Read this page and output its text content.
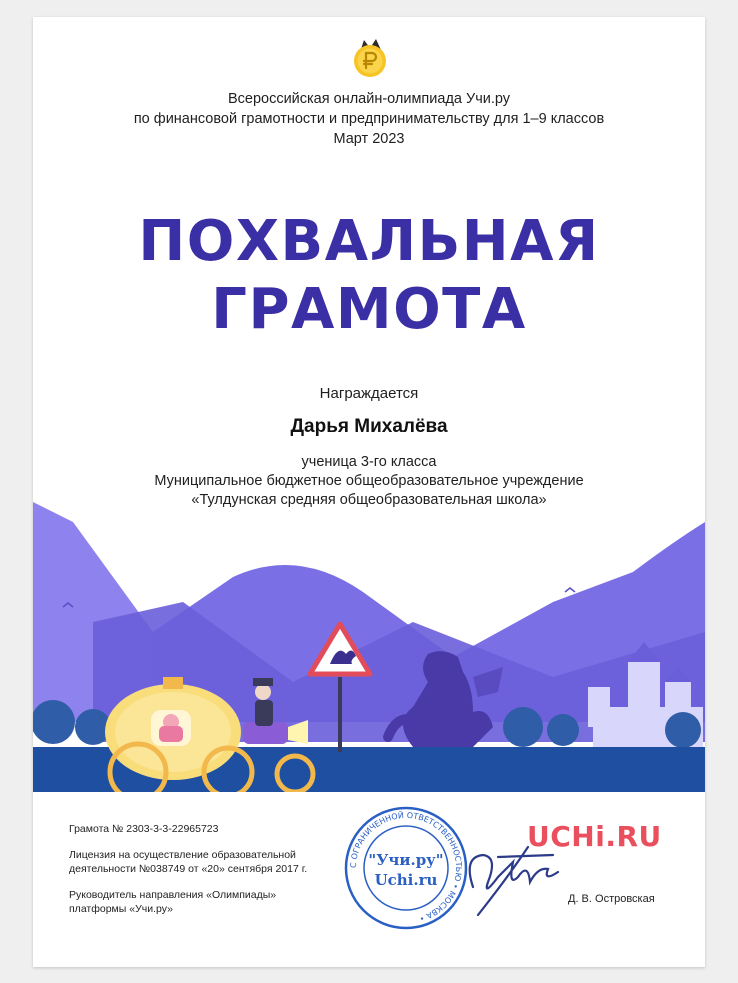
Всероссийская онлайн-олимпиада Учи.ру
по финансовой грамотности и предпринимательству для 1–9 классов
Март 2023
ПОХВАЛЬНАЯ
ГРАМОТА
Награждается
Дарья Михалёва
ученица 3-го класса
Муниципальное бюджетное общеобразовательное учреждение
«Тулдунская средняя общеобразовательная школа»
Грамота № 2303-3-3-22965723
Лицензия на осуществление образовательной
деятельности №038749 от «20» сентября 2017 г.
Руководитель направления «Олимпиады»
платформы «Учи.ру»
С ОГРАНИЧЕННОЙ ОТВЕТСТВЕННОСТЬЮ • МОСКВА •
"Учи.ру"
Uchi.ru
UCHi.RU
Д. В. Островская
